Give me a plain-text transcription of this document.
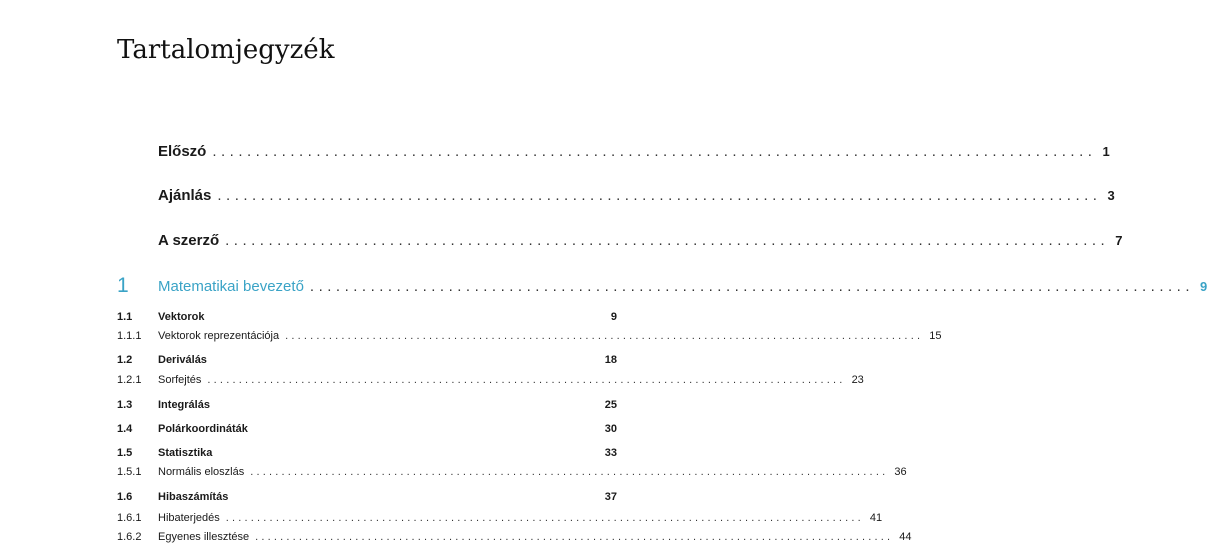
Tartalomjegyzék
Előszó ...................................................................................................... 1
Ajánlás ...................................................................................................... 3
A szerző ...................................................................................................... 7
1 Matematikai bevezető ...................................................................................................... 9
1.1 Vektorok	9
1.1.1 Vektorok reprezentációja ...................................................................................................... 15
1.2 Deriválás	18
1.2.1 Sorfejtés ...................................................................................................... 23
1.3 Integrálás	25
1.4 Polárkoordináták	30
1.5 Statisztika	33
1.5.1 Normális eloszlás ...................................................................................................... 36
1.6 Hibaszámítás	37
1.6.1 Hibaterjedés ...................................................................................................... 41
1.6.2 Egyenes illesztése ...................................................................................................... 44
